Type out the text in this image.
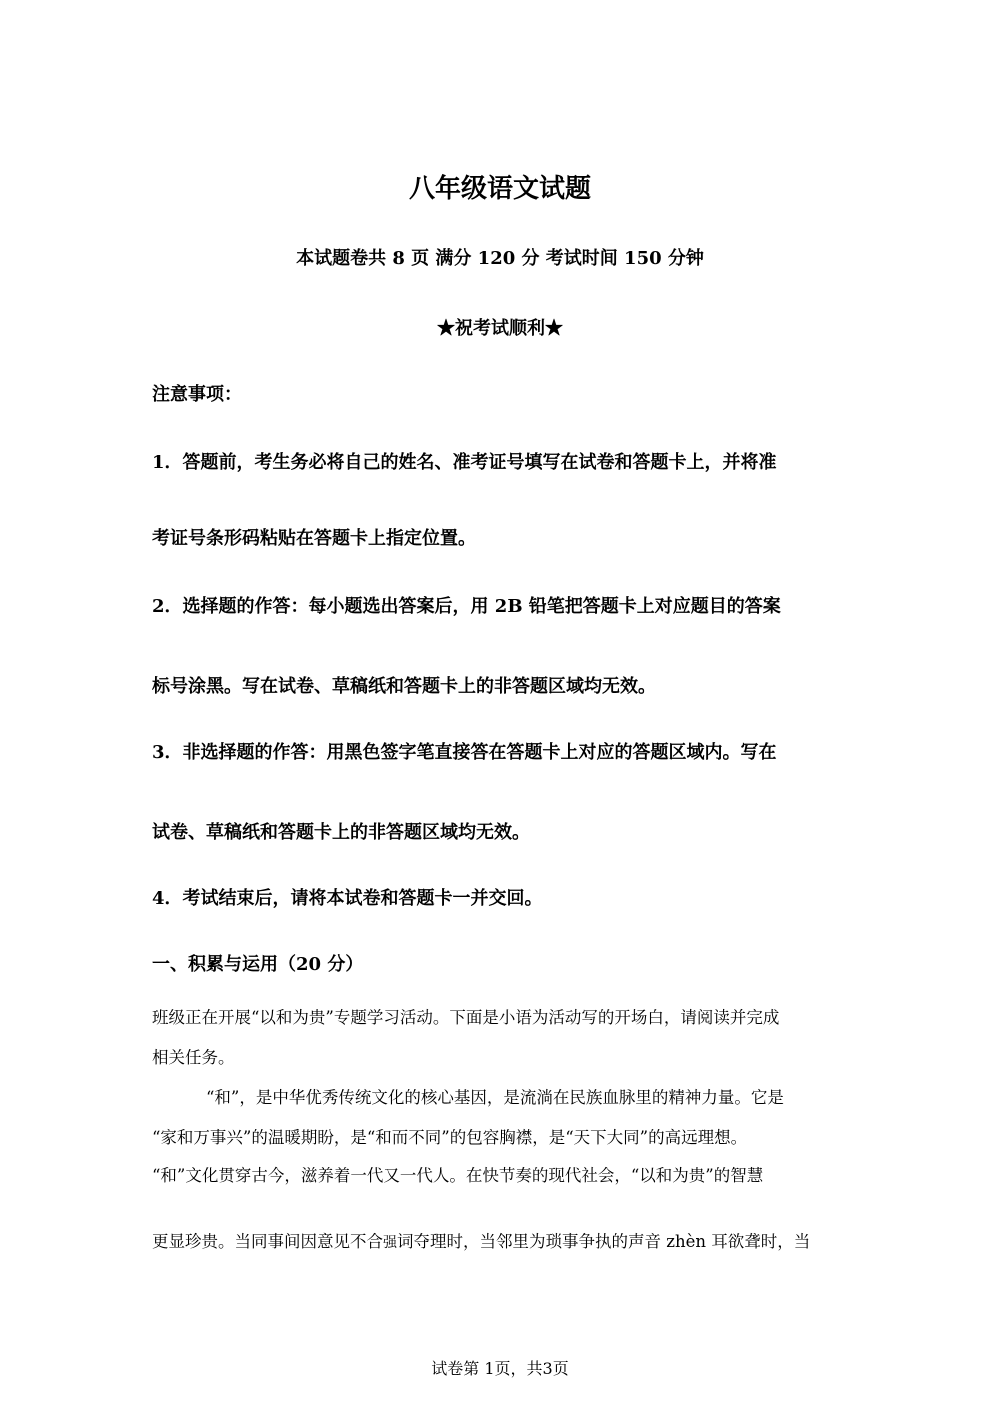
八年级语文试题
本试题卷共 8 页 满分 120 分 考试时间 150 分钟
★祝考试顺利★
注意事项：
1．答题前，考生务必将自己的姓名、准考证号填写在试卷和答题卡上，并将准
考证号条形码粘贴在答题卡上指定位置。
2．选择题的作答：每小题选出答案后，用 2B 铅笔把答题卡上对应题目的答案
标号涂黑。写在试卷、草稿纸和答题卡上的非答题区域均无效。
3．非选择题的作答：用黑色签字笔直接答在答题卡上对应的答题区域内。写在
试卷、草稿纸和答题卡上的非答题区域均无效。
4．考试结束后，请将本试卷和答题卡一并交回。
一、积累与运用（20 分）
班级正在开展“以和为贵”专题学习活动。下面是小语为活动写的开场白，请阅读并完成
相关任务。
“和”，是中华优秀传统文化的核心基因，是流淌在民族血脉里的精神力量。它是
“家和万事兴”的温暖期盼，是“和而不同”的包容胸襟，是“天下大同”的高远理想。
“和”文化贯穿古今，滋养着一代又一代人。在快节奏的现代社会，“以和为贵”的智慧
更显珍贵。当同事间因意见不合强词夺理时，当邻里为琐事争执的声音 zhèn 耳欲聋时，当
试卷第 1页，共3页
